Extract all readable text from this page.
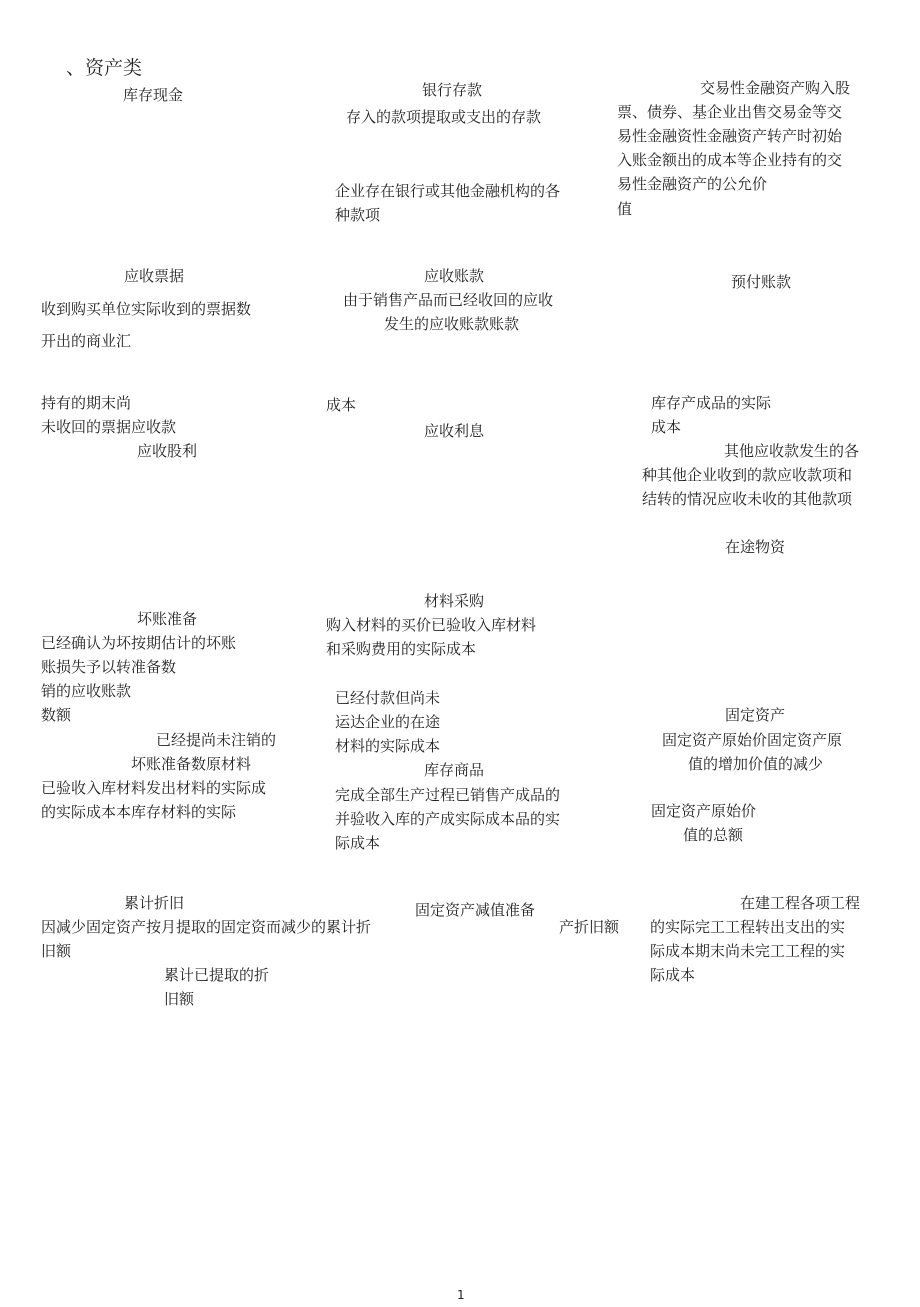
、资产类
库存现金	银行存款
存入的款项提取或支出的存款
企业存在银行或其他金融机构的各
种款项
交易性金融资产购入股
票、债券、基企业出售交易金等交
易性金融资性金融资产转产时初始
入账金额出的成本等企业持有的交
易性金融资产的公允价
值
应收票据
收到购买单位实际收到的票据数
开出的商业汇
应收账款
由于销售产品而已经收回的应收
发生的应收账款账款
预付账款
持有的期末尚
未收回的票据应收款
应收股利
成本
应收利息
库存产成品的实际
成本
其他应收款发生的各
种其他企业收到的款应收款项和
结转的情况应收未收的其他款项
在途物资
坏账准备
已经确认为坏按期估计的坏账
账损失予以转准备数
销的应收账款
数额
已经提尚未注销的
坏账准备数原材料
已验收入库材料发出材料的实际成
的实际成本本库存材料的实际
材料采购
购入材料的买价已验收入库材料
和采购费用的实际成本
已经付款但尚未
运达企业的在途
材料的实际成本
库存商品
完成全部生产过程已销售产成品的
并验收入库的产成实际成本品的实
际成本
固定资产
固定资产原始价固定资产原
值的增加价值的减少
固定资产原始价
值的总额
累计折旧
因减少固定资产按月提取的固定资而减少的累计折
旧额
累计已提取的折
旧额
固定资产减值准备
产折旧额
在建工程各项工程
的实际完工工程转出支出的实
际成本期末尚未完工工程的实
际成本
1
